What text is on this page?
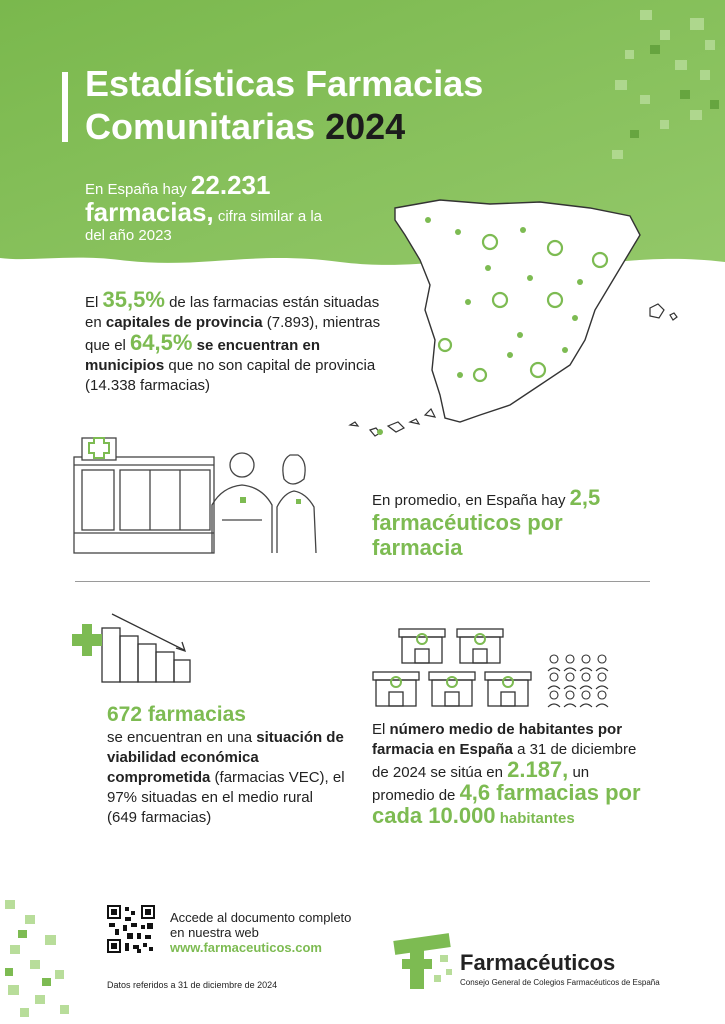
Estadísticas Farmacias
Comunitarias 2024
En España hay 22.231
farmacias, cifra similar a la del año 2023
El 35,5% de las farmacias están situadas en capitales de provincia (7.893), mientras que el 64,5% se encuentran en municipios que no son capital de provincia (14.338 farmacias)
En promedio, en España hay 2,5 farmacéuticos por farmacia
672 farmacias
se encuentran en una situación de viabilidad económica comprometida (farmacias VEC), el 97% situadas en el medio rural (649 farmacias)
El número medio de habitantes por farmacia en España a 31 de diciembre de 2024 se sitúa en 2.187, un promedio de 4,6 farmacias por cada 10.000 habitantes
Accede al documento completo en nuestra web
www.farmaceuticos.com
Datos referidos a 31 de diciembre de 2024
Farmacéuticos
Consejo General de Colegios Farmacéuticos de España
